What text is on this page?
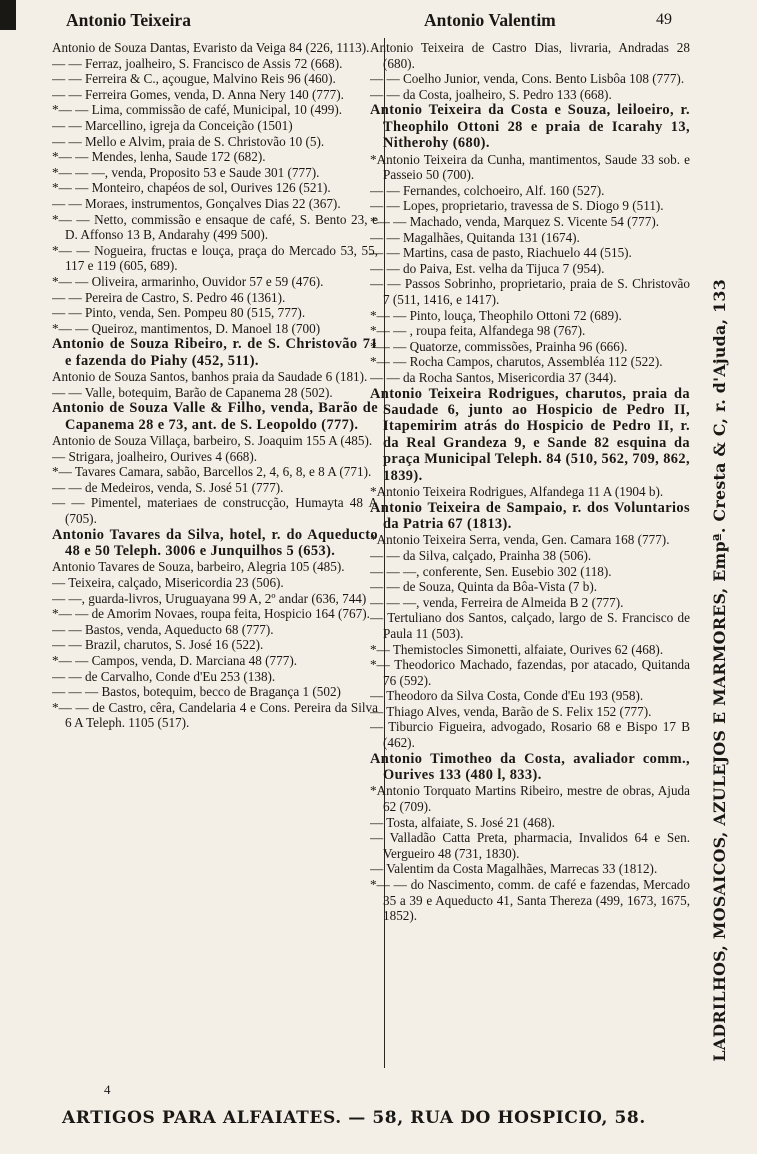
Antonio Teixeira	Antonio Valentim	49

Antonio de Souza Dantas, Evaristo da Veiga 84 (226, 1113).

— — Ferraz, joalheiro, S. Francisco de Assis 72 (668).

— — Ferreira & C., açougue, Malvino Reis 96 (460).

— — Ferreira Gomes, venda, D. Anna Nery 140 (777).

*— — Lima, commissão de café, Municipal, 10 (499).

— — Marcellino, igreja da Conceição (1501)

— — Mello e Alvim, praia de S. Christovão 10 (5).

*— — Mendes, lenha, Saude 172 (682).

*— — —, venda, Proposito 53 e Saude 301 (777).

*— — Monteiro, chapéos de sol, Ourives 126 (521).

— — Moraes, instrumentos, Gonçalves Dias 22 (367).

*— — Netto, commissão e ensaque de café, S. Bento 23, e D. Affonso 13 B, Andarahy (499 500).

*— — Nogueira, fructas e louça, praça do Mercado 53, 55, 117 e 119 (605, 689).

*— — Oliveira, armarinho, Ouvidor 57 e 59 (476).

— — Pereira de Castro, S. Pedro 46 (1361).

— — Pinto, venda, Sen. Pompeu 80 (515, 777).

*— — Queiroz, mantimentos, D. Manoel 18 (700)

Antonio de Souza Ribeiro, r. de S. Christovão 71 e fazenda do Piahy (452, 511).

Antonio de Souza Santos, banhos praia da Saudade 6 (181).

— — Valle, botequim, Barão de Capanema 28 (502).

Antonio de Souza Valle & Filho, venda, Barão de Capanema 28 e 73, ant. de S. Leopoldo (777).

Antonio de Souza Villaça, barbeiro, S. Joaquim 155 A (485).

— Strigara, joalheiro, Ourives 4 (668).

*— Tavares Camara, sabão, Barcellos 2, 4, 6, 8, e 8 A (771).

— — de Medeiros, venda, S. José 51 (777).

— — Pimentel, materiaes de construcção, Humayta 48 A (705).

Antonio Tavares da Silva, hotel, r. do Aqueducto 48 e 50 Teleph. 3006 e Junquilhos 5 (653).

Antonio Tavares de Souza, barbeiro, Alegria 105 (485).

— Teixeira, calçado, Misericordia 23 (506).

— —, guarda-livros, Uruguayana 99 A, 2º andar (636, 744)

*— — de Amorim Novaes, roupa feita, Hospicio 164 (767).

— — Bastos, venda, Aqueducto 68 (777).

— — Brazil, charutos, S. José 16 (522).

*— — Campos, venda, D. Marciana 48 (777).

— — de Carvalho, Conde d'Eu 253 (138).

— — — Bastos, botequim, becco de Bragança 1 (502)

*— — de Castro, cêra, Candelaria 4 e Cons. Pereira da Silva 6 A Teleph. 1105 (517).

Antonio Teixeira de Castro Dias, livraria, Andradas 28 (680).

— — Coelho Junior, venda, Cons. Bento Lisbôa 108 (777).

— — da Costa, joalheiro, S. Pedro 133 (668).

Antonio Teixeira da Costa e Souza, leiloeiro, r. Theophilo Ottoni 28 e praia de Icarahy 13, Nitherohy (680).

*Antonio Teixeira da Cunha, mantimentos, Saude 33 sob. e Passeio 50 (700).

— — Fernandes, colchoeiro, Alf. 160 (527).

— — Lopes, proprietario, travessa de S. Diogo 9 (511).

*— — Machado, venda, Marquez S. Vicente 54 (777).

— — Magalhães, Quitanda 131 (1674).

— — Martins, casa de pasto, Riachuelo 44 (515).

— — do Paiva, Est. velha da Tijuca 7 (954).

— — Passos Sobrinho, proprietario, praia de S. Christovão 7 (511, 1416, e 1417).

*— — Pinto, louça, Theophilo Ottoni 72 (689).

*— — , roupa feita, Alfandega 98 (767).

*— — Quatorze, commissões, Prainha 96 (666).

*— — Rocha Campos, charutos, Assembléa 112 (522).

— — da Rocha Santos, Misericordia 37 (344).

Antonio Teixeira Rodrigues, charutos, praia da Saudade 6, junto ao Hospicio de Pedro II, Itapemirim atrás do Hospicio de Pedro II, r. da Real Grandeza 9, e Sande 82 esquina da praça Municipal Teleph. 84 (510, 562, 709, 862, 1839).

*Antonio Teixeira Rodrigues, Alfandega 11 A (1904 b).

Antonio Teixeira de Sampaio, r. dos Voluntarios da Patria 67 (1813).

*Antonio Teixeira Serra, venda, Gen. Camara 168 (777).

— — da Silva, calçado, Prainha 38 (506).

— — —, conferente, Sen. Eusebio 302 (118).

— — de Souza, Quinta da Bôa-Vista (7 b).

— — —, venda, Ferreira de Almeida B 2 (777).

— Tertuliano dos Santos, calçado, largo de S. Francisco de Paula 11 (503).

*— Themistocles Simonetti, alfaiate, Ourives 62 (468).

*— Theodorico Machado, fazendas, por atacado, Quitanda 76 (592).

— Theodoro da Silva Costa, Conde d'Eu 193 (958).

— Thiago Alves, venda, Barão de S. Felix 152 (777).

— Tiburcio Figueira, advogado, Rosario 68 e Bispo 17 B (462).

Antonio Timotheo da Costa, avaliador comm., Ourives 133 (480 l, 833).

*Antonio Torquato Martins Ribeiro, mestre de obras, Ajuda 62 (709).

— Tosta, alfaiate, S. José 21 (468).

— Valladão Catta Preta, pharmacia, Invalidos 64 e Sen. Vergueiro 48 (731, 1830).

— Valentim da Costa Magalhães, Marrecas 33 (1812).

*— — do Nascimento, comm. de café e fazendas, Mercado 35 a 39 e Aqueducto 41, Santa Thereza (499, 1673, 1675, 1852).	LADRILHOS, MOSAICOS, AZULEJOS E MARMORES, Empª. Cresta & C, r. d'Ajuda, 133
4
ARTIGOS PARA ALFAIATES. — 58, RUA DO HOSPICIO, 58.
